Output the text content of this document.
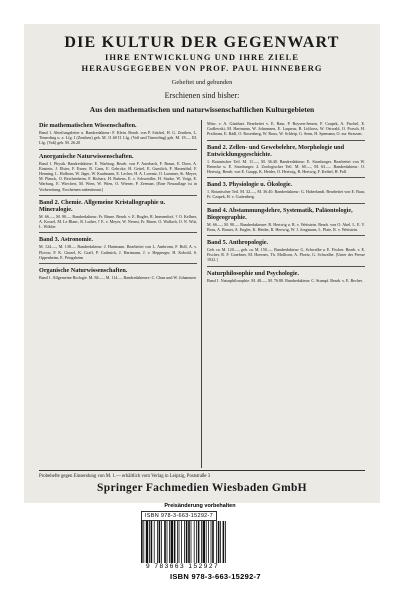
DIE KULTUR DER GEGENWART
IHRE ENTWICKLUNG UND IHRE ZIELE
HERAUSGEGEBEN VON PROF. PAUL HINNEBERG
Geheftet und gebunden
Erschienen sind bisher:
Aus den mathematischen und naturwissenschaftlichen Kulturgebieten
Die mathematischen Wissenschaften.
Band 1. Abteilungsleiter u. Bandredakteur: F. Klein. Bearb. von P. Stäckel, H. G. Zeuthen, L. Timerding u. a. Lfg. I (Zeuthen) geh. M. 11.60 II. Lfg. (Voß und Timerding) geh. M. 18.— III. Lfg. (Voß) geh. M. 26.20
Anorganische Naturwissenschaften.
Band 1. Physik. Bandredakteur: E. Warburg. Bearb. von F. Auerbach, F. Braun, E. Dorn, A. Einstein, J. Elster, F. Exner, R. Gans, E. Gehrcke, H. Geitel, E. Gumlich, F. Hasenöhrl, F. Henning, L. Holborn, W. Jäger, W. Kaufmann, E. Lecher, H. A. Lorentz, O. Lummer, St. Meyer, M. Planck, O. Reichenheim, F. Richarz, H. Rubens, E. v. Schweidler, H. Starke, W. Voigt, E. Warburg, E. Wiechert, M. Wien, W. Wien, O. Wiener, P. Zeeman. [Eine Neuauflage ist in Vorbereitung. Erscheinen unbestimmt.]
Band 2. Chemie. Allgemeine Kristallographie u. Mineralogie.
M. 66.—, M. 90.— Bandredakteur: Fr. Rinne. Bearb. v. E. Bugler, R. Immendorf, † O. Kellner, A. Kossel, M. Le Blanc, R. Luther, † E. v. Meyer, W. Nernst, Fr. Rinne, O. Wallach, O. N. Witt, L. Wöhler
Band 3. Astronomie.
M. 124.—, M. 138.— Bandredakteur: J. Hartmann. Bearbeitet von L. Ambronn, F. Boll, A. v. Flotow, F. K. Ginzel, K. Graff, P. Guthnick, J. Hartmann, J. v. Hepperger, H. Kobold, S. Oppenheim, E. Pringsheim
Organische Naturwissenschaften.
Band 1. Allgemeine Biologie. M. 84.—, M. 114.— Bandredakteure: C. Chun und W. Johannsen
Mitw. v. A. Günthart. Bearbeitet v. E. Baur, P. Boysen-Jensen, F. Czapek, A. Fischel, E. Godlewski, M. Hartmann, W. Johannsen, E. Laqueur, B. Lidforss, W. Ostwald, O. Porsch, H. Przibram, E. Rádl, O. Rosenberg, W. Roux, W. Schleip, G. Senn, H. Spemann, O. zur Strassen.
Band 2. Zellen- und Gewebelehre, Morphologie und Entwicklungsgeschichte.
1. Botanischer Teil. M. 11.—, M. 36.40. Bandredakteur: E. Strasburger. Bearbeitet von W. Benecke u. E. Strasburger. 2. Zoologischer Teil. M. 60.—, M. 63.—. Bandredakteur: O. Hertwig. Bearb. von E. Gaupp, K. Heider, O. Hertwig, R. Hertwig, F. Keibel, H. Poll.
Band 3. Physiologie u. Ökologie.
1. Botanischer Teil. M. 32.—, M. 36.40. Bandredakteur: G. Haberlandt. Bearbeitet von E. Baur, Fr. Czapek, H. v. Guttenberg.
Band 4. Abstammungslehre, Systematik, Paläontologie, Biogeographie.
M. 66.—, M. 90.— Bandredakteure: R. Hertwig u. R. v. Wettstein. Bearb. von O. Abel, L. E. V. Boas, A. Brauer, A. Engler, K. Heider, R. Hertwig, W. J. Jongmans, L. Plate, R. v. Wettstein.
Band 5. Anthropologie.
Geh. ca. M. 120.—, geb. ca. M. 150.—. Bandredakteur: G. Schwalbe u. E. Fischer. Bearb. v. E. Fischer, R. F. Graebner, M. Hoernes, Th. Mollison, A. Ploetz, G. Schwalbe. [Unter der Presse 1922.]
Naturphilosophie und Psychologie.
Band 1. Naturphilosophie. M. 48.—, M. 76.80. Bandredakteur: C. Stumpf. Bearb. v. E. Becher.
Probehefte gegen Einsendung von M. 1.— erhältlich vom Verlag in Leipzig, Poststraße 3
Springer Fachmedien Wiesbaden GmbH
Preisänderung vorbehalten
ISBN 978-3-663-15292-7
9 783663 152927
ISBN 978-3-663-15292-7
